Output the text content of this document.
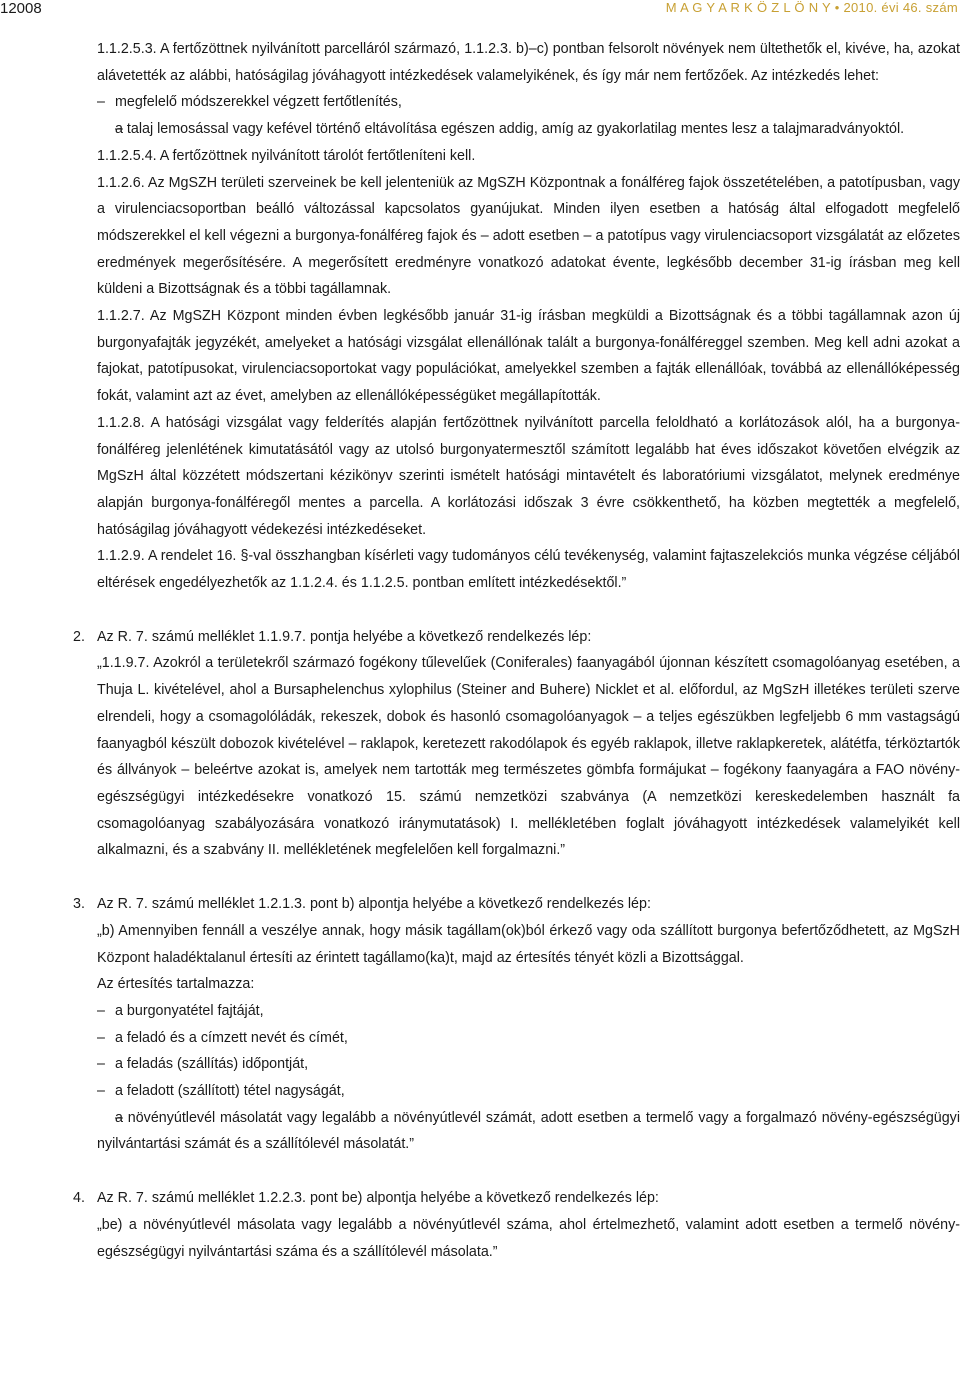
12008	M A G Y A R K Ö Z L Ö N Y • 2010. évi 46. szám

1.1.2.5.3. A fertőzöttnek nyilvánított parcelláról származó, 1.1.2.3. b)–c) pontban felsorolt növények nem ültethetők el, kivéve, ha, azokat alávetették az alábbi, hatóságilag jóváhagyott intézkedések valamelyikének, és így már nem fertőzőek. Az intézkedés lehet:

– megfelelő módszerekkel végzett fertőtlenítés,

– a talaj lemosással vagy kefével történő eltávolítása egészen addig, amíg az gyakorlatilag mentes lesz a talajmaradványoktól.

1.1.2.5.4. A fertőzöttnek nyilvánított tárolót fertőtleníteni kell.

1.1.2.6. Az MgSZH területi szerveinek be kell jelenteniük az MgSZH Központnak a fonálféreg fajok összetételében, a patotípusban, vagy a virulenciacsoportban beálló változással kapcsolatos gyanújukat. Minden ilyen esetben a hatóság által elfogadott megfelelő módszerekkel el kell végezni a burgonya-fonálféreg fajok és – adott esetben – a patotípus vagy virulenciacsoport vizsgálatát az előzetes eredmények megerősítésére. A megerősített eredményre vonatkozó adatokat évente, legkésőbb december 31-ig írásban meg kell küldeni a Bizottságnak és a többi tagállamnak.

1.1.2.7. Az MgSZH Központ minden évben legkésőbb január 31-ig írásban megküldi a Bizottságnak és a többi tagállamnak azon új burgonyafajták jegyzékét, amelyeket a hatósági vizsgálat ellenállónak talált a burgonya-fonálféreggel szemben. Meg kell adni azokat a fajokat, patotípusokat, virulenciacsoportokat vagy populációkat, amelyekkel szemben a fajták ellenállóak, továbbá az ellenállóképesség fokát, valamint azt az évet, amelyben az ellenállóképességüket megállapították.

1.1.2.8. A hatósági vizsgálat vagy felderítés alapján fertőzöttnek nyilvánított parcella feloldható a korlátozások alól, ha a burgonya-fonálféreg jelenlétének kimutatásától vagy az utolsó burgonyatermesztől számított legalább hat éves időszakot követően elvégzik az MgSzH által közzétett módszertani kézikönyv szerinti ismételt hatósági mintavételt és laboratóriumi vizsgálatot, melynek eredménye alapján burgonya-fonálféregől mentes a parcella. A korlátozási időszak 3 évre csökkenthető, ha közben megtették a megfelelő, hatóságilag jóváhagyott védekezési intézkedéseket.

1.1.2.9. A rendelet 16. §-val összhangban kísérleti vagy tudományos célú tevékenység, valamint fajtaszelekciós munka végzése céljából eltérések engedélyezhetők az 1.1.2.4. és 1.1.2.5. pontban említett intézkedésektől.”

2. Az R. 7. számú melléklet 1.1.9.7. pontja helyébe a következő rendelkezés lép:

„1.1.9.7. Azokról a területekről származó fogékony tűlevelűek (Coniferales) faanyagából újonnan készített csomagolóanyag esetében, a Thuja L. kivételével, ahol a Bursaphelenchus xylophilus (Steiner and Buhere) Nicklet et al. előfordul, az MgSzH illetékes területi szerve elrendeli, hogy a csomagolóládák, rekeszek, dobok és hasonló csomagolóanyagok – a teljes egészükben legfeljebb 6 mm vastagságú faanyagból készült dobozok kivételével – raklapok, keretezett rakodólapok és egyéb raklapok, illetve raklapkeretek, alátétfa, térköztartók és állványok – beleértve azokat is, amelyek nem tartották meg természetes gömbfa formájukat – fogékony faanyagára a FAO növény-egészségügyi intézkedésekre vonatkozó 15. számú nemzetközi szabványa (A nemzetközi kereskedelemben használt fa csomagolóanyag szabályozására vonatkozó iránymutatások) I. mellékletében foglalt jóváhagyott intézkedések valamelyikét kell alkalmazni, és a szabvány II. mellékletének megfelelően kell forgalmazni.”

3. Az R. 7. számú melléklet 1.2.1.3. pont b) alpontja helyébe a következő rendelkezés lép:

„b) Amennyiben fennáll a veszélye annak, hogy másik tagállam(ok)ból érkező vagy oda szállított burgonya befertőződhetett, az MgSzH Központ haladéktalanul értesíti az érintett tagállamo(ka)t, majd az értesítés tényét közli a Bizottsággal.

Az értesítés tartalmazza:

– a burgonyatétel fajtáját,

– a feladó és a címzett nevét és címét,

– a feladás (szállítás) időpontját,

– a feladott (szállított) tétel nagyságát,

– a növényútlevél másolatát vagy legalább a növényútlevél számát, adott esetben a termelő vagy a forgalmazó növény-egészségügyi nyilvántartási számát és a szállítólevél másolatát.”

4. Az R. 7. számú melléklet 1.2.2.3. pont be) alpontja helyébe a következő rendelkezés lép:

„be) a növényútlevél másolata vagy legalább a növényútlevél száma, ahol értelmezhető, valamint adott esetben a termelő növény-egészségügyi nyilvántartási száma és a szállítólevél másolata.”
